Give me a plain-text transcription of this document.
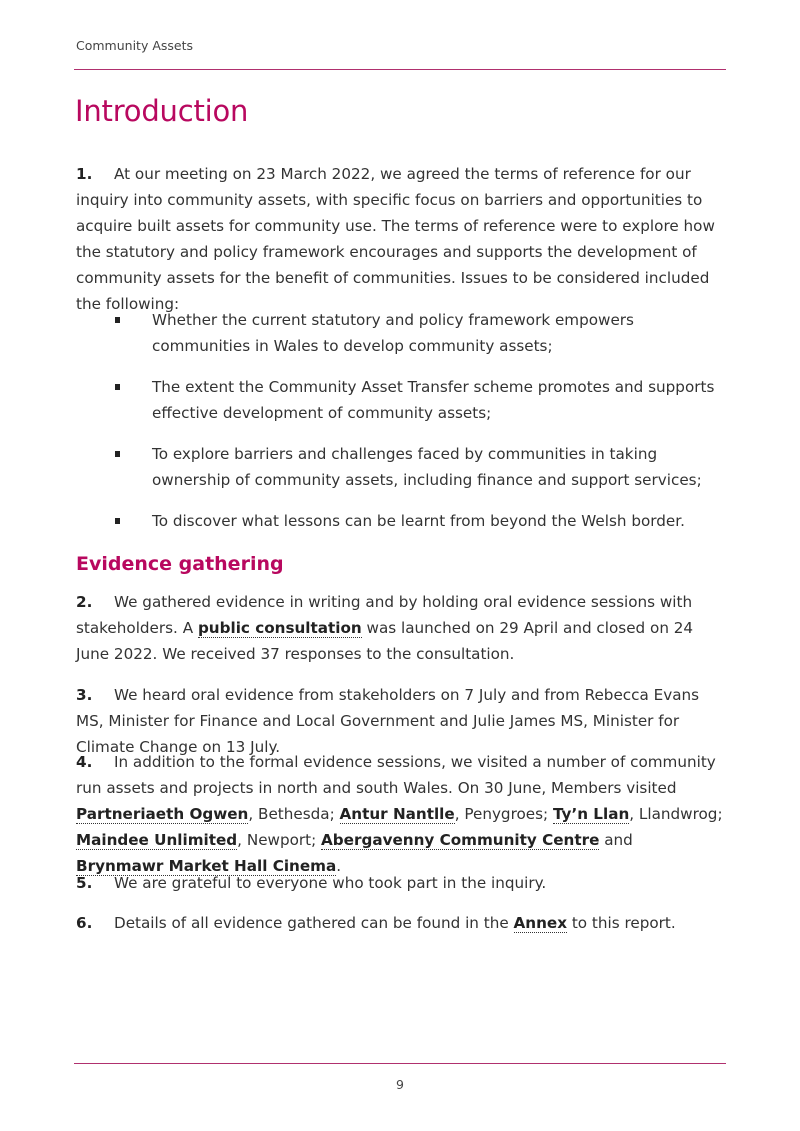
Community Assets
Introduction

1. At our meeting on 23 March 2022, we agreed the terms of reference for our inquiry into community assets, with specific focus on barriers and opportunities to acquire built assets for community use. The terms of reference were to explore how the statutory and policy framework encourages and supports the development of community assets for the benefit of communities. Issues to be considered included the following:

Whether the current statutory and policy framework empowers communities in Wales to develop community assets;
The extent the Community Asset Transfer scheme promotes and supports effective development of community assets;
To explore barriers and challenges faced by communities in taking ownership of community assets, including finance and support services;
To discover what lessons can be learnt from beyond the Welsh border.
Evidence gathering

2. We gathered evidence in writing and by holding oral evidence sessions with stakeholders. A public consultation was launched on 29 April and closed on 24 June 2022. We received 37 responses to the consultation.

3. We heard oral evidence from stakeholders on 7 July and from Rebecca Evans MS, Minister for Finance and Local Government and Julie James MS, Minister for Climate Change on 13 July.

4. In addition to the formal evidence sessions, we visited a number of community run assets and projects in north and south Wales. On 30 June, Members visited Partneriaeth Ogwen, Bethesda; Antur Nantlle, Penygroes; Ty’n Llan, Llandwrog; Maindee Unlimited, Newport; Abergavenny Community Centre and Brynmawr Market Hall Cinema.

5. We are grateful to everyone who took part in the inquiry.

6. Details of all evidence gathered can be found in the Annex to this report.

9
